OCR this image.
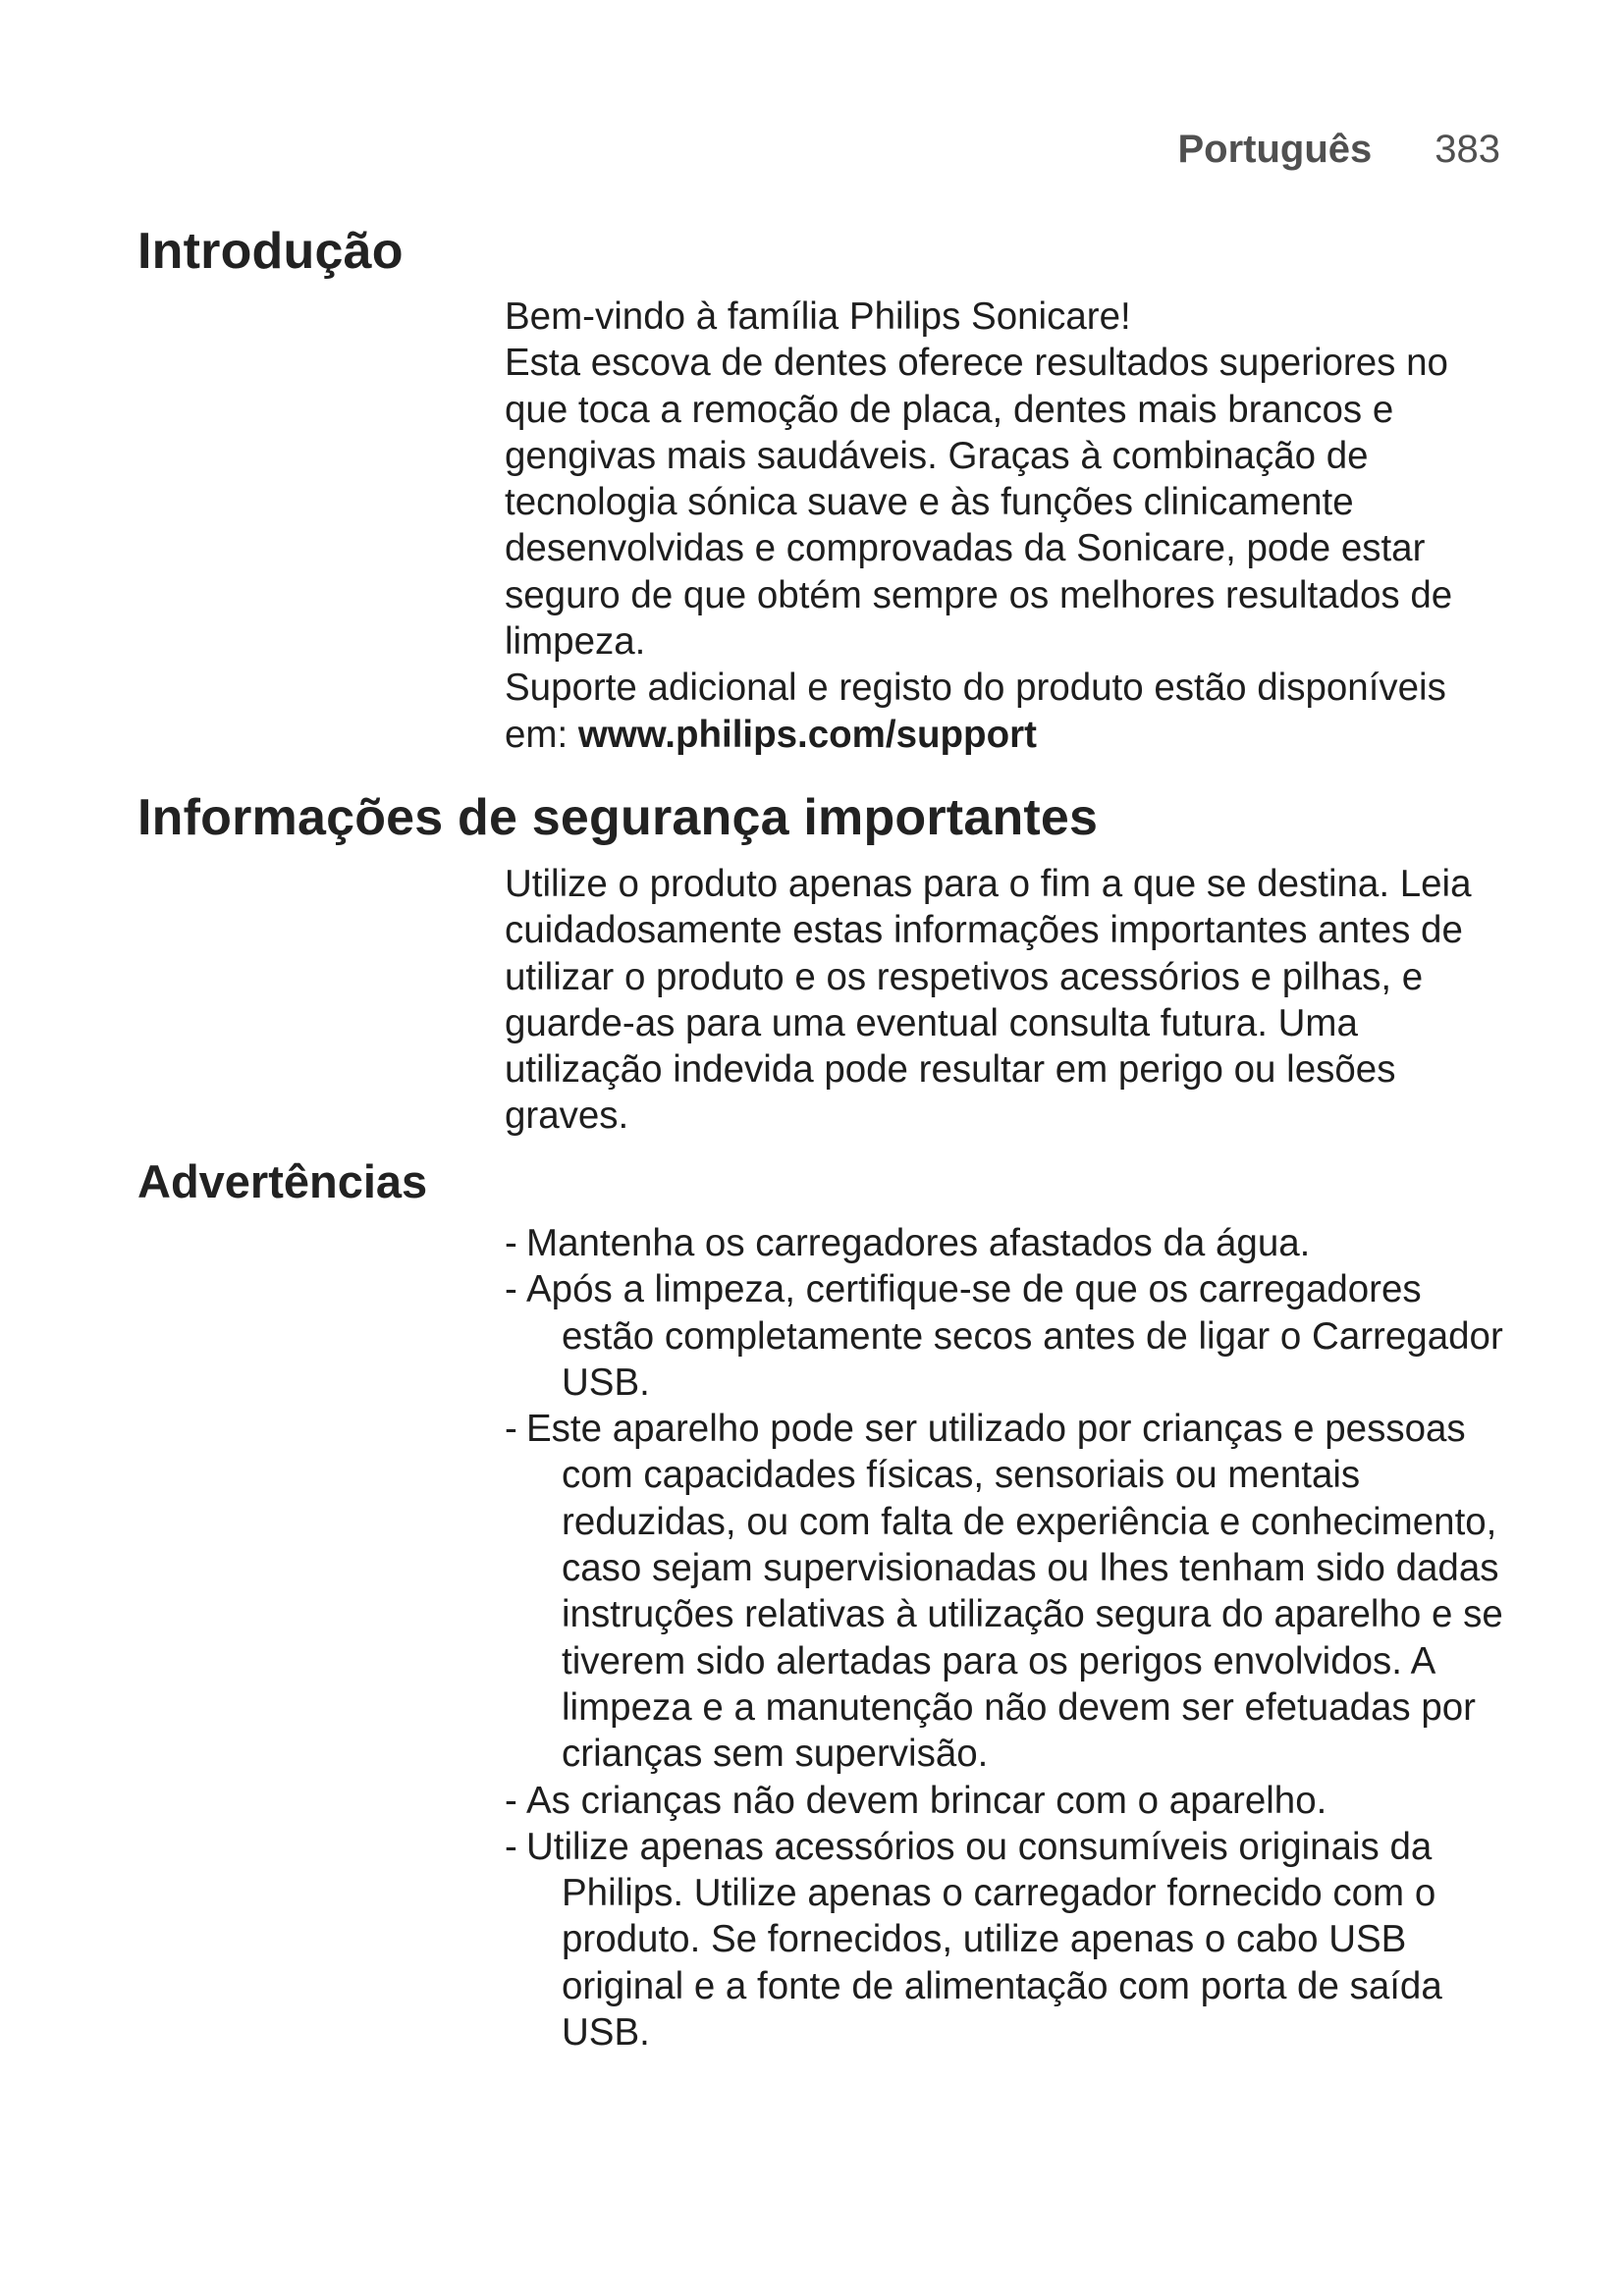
Português 383
Introdução

Bem-vindo à família Philips Sonicare!

Esta escova de dentes oferece resultados superiores no que toca a remoção de placa, dentes mais brancos e gengivas mais saudáveis. Graças à combinação de tecnologia sónica suave e às funções clinicamente desenvolvidas e comprovadas da Sonicare, pode estar seguro de que obtém sempre os melhores resultados de limpeza.

Suporte adicional e registo do produto estão disponíveis em: www.philips.com/support

Informações de segurança importantes

Utilize o produto apenas para o fim a que se destina. Leia cuidadosamente estas informações importantes antes de utilizar o produto e os respetivos acessórios e pilhas, e guarde-as para uma eventual consulta futura. Uma utilização indevida pode resultar em perigo ou lesões graves.

Advertências
- Mantenha os carregadores afastados da água.
- Após a limpeza, certifique-se de que os carregadores estão completamente secos antes de ligar o Carregador USB.
- Este aparelho pode ser utilizado por crianças e pessoas com capacidades físicas, sensoriais ou mentais reduzidas, ou com falta de experiência e conhecimento, caso sejam supervisionadas ou lhes tenham sido dadas instruções relativas à utilização segura do aparelho e se tiverem sido alertadas para os perigos envolvidos. A limpeza e a manutenção não devem ser efetuadas por crianças sem supervisão.
- As crianças não devem brincar com o aparelho.
- Utilize apenas acessórios ou consumíveis originais da Philips. Utilize apenas o carregador fornecido com o produto. Se fornecidos, utilize apenas o cabo USB original e a fonte de alimentação com porta de saída USB.
